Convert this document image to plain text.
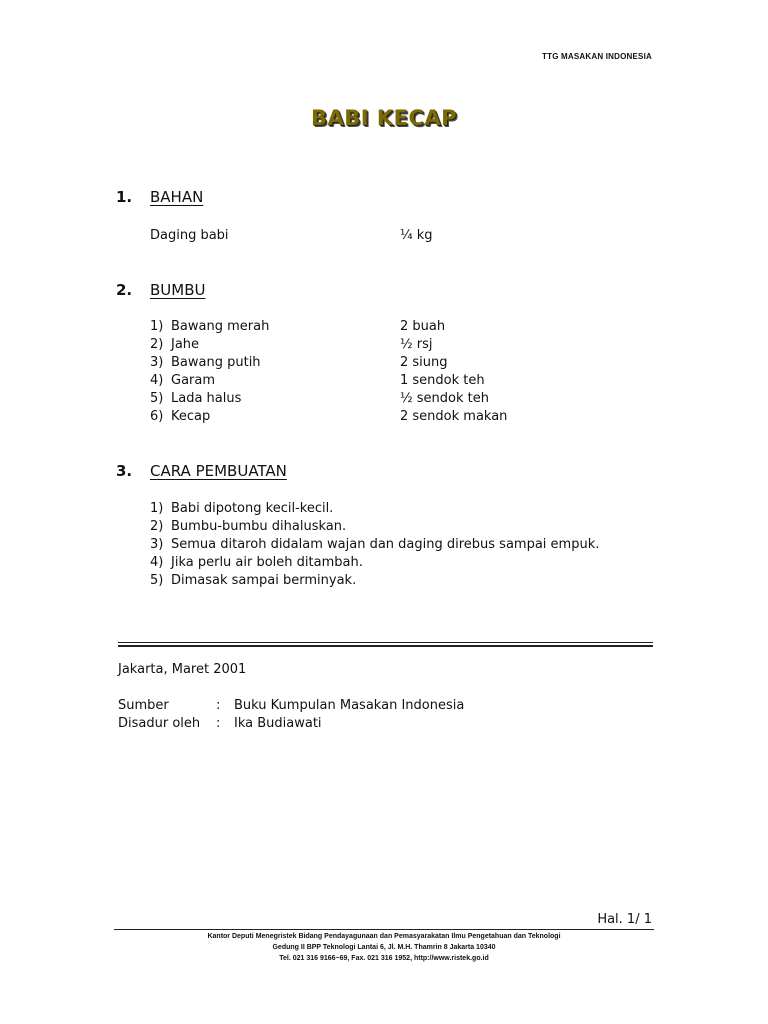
TTG MASAKAN INDONESIA
BABI KECAP
1. BAHAN
Daging babi	¼ kg
2. BUMBU
1) Bawang merah	2 buah
2) Jahe	½ rsj
3) Bawang putih	2 siung
4) Garam	1 sendok teh
5) Lada halus	½ sendok teh
6) Kecap	2 sendok makan
3. CARA PEMBUATAN
1) Babi dipotong kecil-kecil.
2) Bumbu-bumbu dihaluskan.
3) Semua ditaroh didalam wajan dan daging direbus sampai empuk.
4) Jika perlu air boleh ditambah.
5) Dimasak sampai berminyak.
Jakarta, Maret 2001
Sumber	: Buku Kumpulan Masakan Indonesia
Disadur oleh : Ika Budiawati
Hal. 1/ 1
Kantor Deputi Menegristek Bidang Pendayagunaan dan Pemasyarakatan Ilmu Pengetahuan dan Teknologi
Gedung II BPP Teknologi Lantai 6, Jl. M.H. Thamrin 8 Jakarta 10340
Tel. 021 316 9166~69, Fax. 021 316 1952, http://www.ristek.go.id
